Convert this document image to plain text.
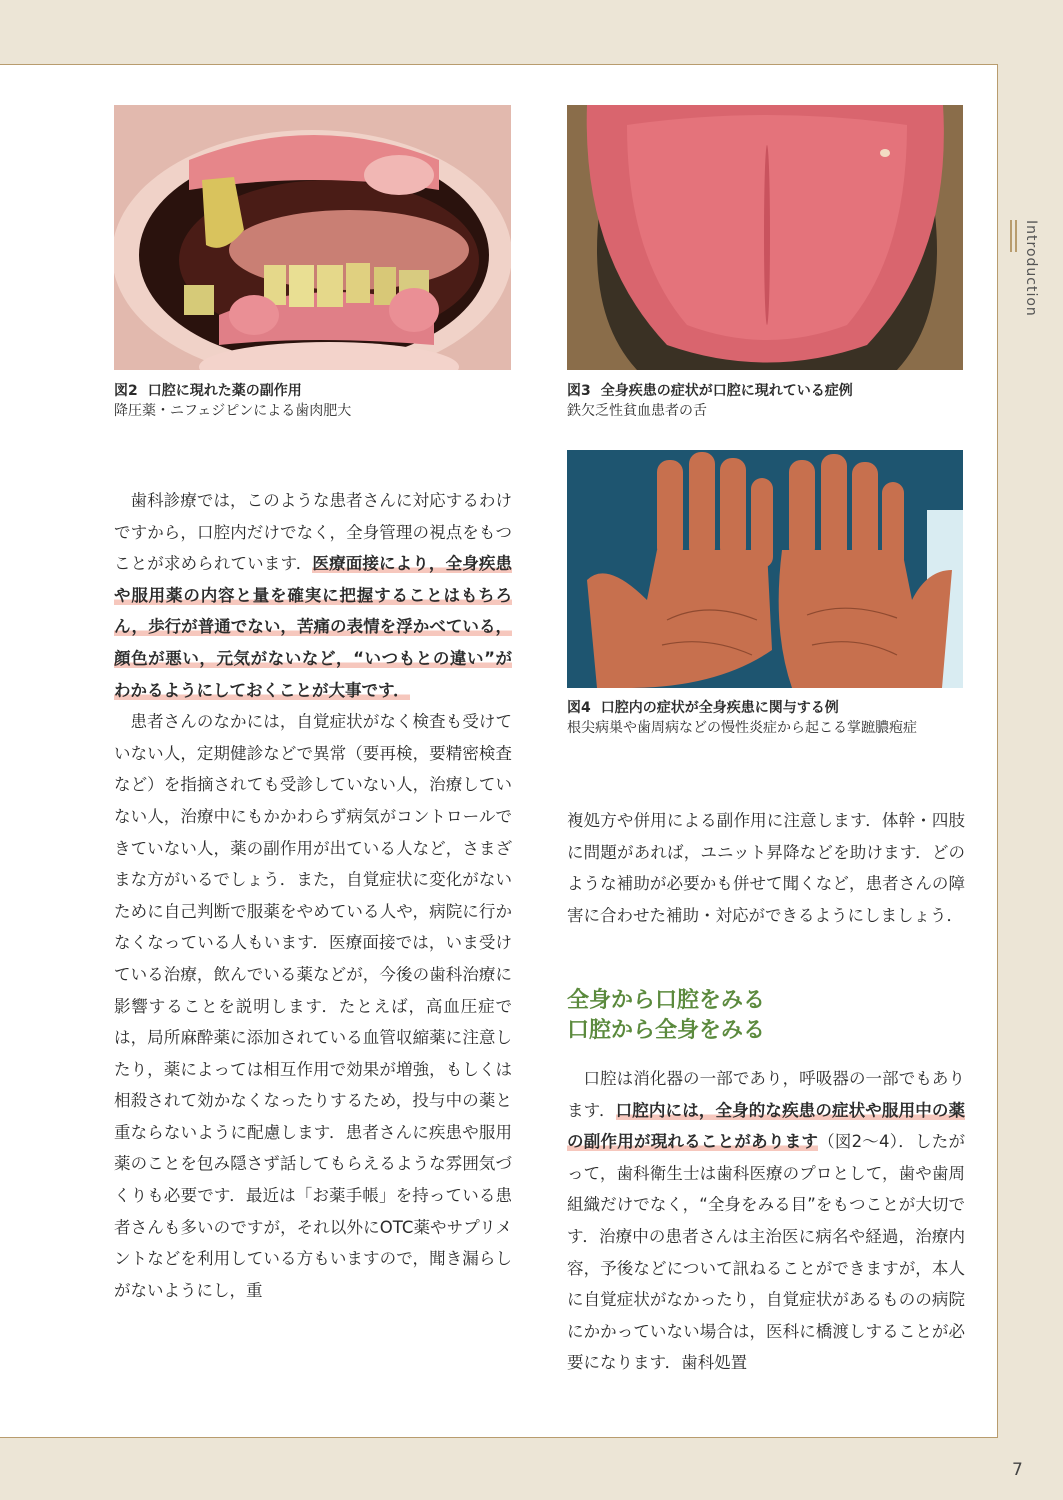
Introduction
図2 口腔に現れた薬の副作用
降圧薬・ニフェジピンによる歯肉肥大
図3 全身疾患の症状が口腔に現れている症例
鉄欠乏性貧血患者の舌
図4 口腔内の症状が全身疾患に関与する例
根尖病巣や歯周病などの慢性炎症から起こる掌蹠膿疱症

歯科診療では，このような患者さんに対応するわけですから，口腔内だけでなく，全身管理の視点をもつことが求められています．医療面接により，全身疾患や服用薬の内容と量を確実に把握することはもちろん，歩行が普通でない，苦痛の表情を浮かべている，顔色が悪い，元気がないなど，“いつもとの違い”がわかるようにしておくことが大事です．

患者さんのなかには，自覚症状がなく検査も受けていない人，定期健診などで異常（要再検，要精密検査など）を指摘されても受診していない人，治療していない人，治療中にもかかわらず病気がコントロールできていない人，薬の副作用が出ている人など，さまざまな方がいるでしょう．また，自覚症状に変化がないために自己判断で服薬をやめている人や，病院に行かなくなっている人もいます．医療面接では，いま受けている治療，飲んでいる薬などが，今後の歯科治療に影響することを説明します．たとえば，高血圧症では，局所麻酔薬に添加されている血管収縮薬に注意したり，薬によっては相互作用で効果が増強，もしくは相殺されて効かなくなったりするため，投与中の薬と重ならないように配慮します．患者さんに疾患や服用薬のことを包み隠さず話してもらえるような雰囲気づくりも必要です．最近は「お薬手帳」を持っている患者さんも多いのですが，それ以外にOTC薬やサプリメントなどを利用している方もいますので，聞き漏らしがないようにし，重

複処方や併用による副作用に注意します．体幹・四肢に問題があれば，ユニット昇降などを助けます．どのような補助が必要かも併せて聞くなど，患者さんの障害に合わせた補助・対応ができるようにしましょう．

全身から口腔をみる
口腔から全身をみる

口腔は消化器の一部であり，呼吸器の一部でもあります．口腔内には，全身的な疾患の症状や服用中の薬の副作用が現れることがあります（図2〜4）．したがって，歯科衛生士は歯科医療のプロとして，歯や歯周組織だけでなく，“全身をみる目”をもつことが大切です．治療中の患者さんは主治医に病名や経過，治療内容，予後などについて訊ねることができますが，本人に自覚症状がなかったり，自覚症状があるものの病院にかかっていない場合は，医科に橋渡しすることが必要になります．歯科処置

7
